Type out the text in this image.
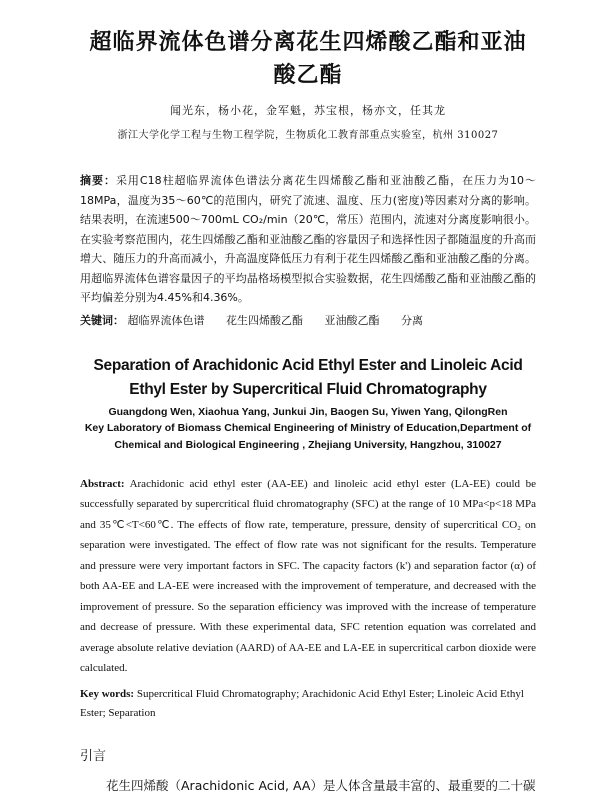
超临界流体色谱分离花生四烯酸乙酯和亚油
酸乙酯
闻光东，杨小花，金军魁，苏宝根，杨亦文，任其龙
浙江大学化学工程与生物工程学院，生物质化工教育部重点实验室，杭州 310027
摘要：采用C18柱超临界流体色谱法分离花生四烯酸乙酯和亚油酸乙酯，在压力为10～18MPa，温度为35～60℃的范围内，研究了流速、温度、压力(密度)等因素对分离的影响。结果表明，在流速500～700mL CO₂/min（20℃，常压）范围内，流速对分离度影响很小。在实验考察范围内，花生四烯酸乙酯和亚油酸乙酯的容量因子和选择性因子都随温度的升高而增大、随压力的升高而减小，升高温度降低压力有利于花生四烯酸乙酯和亚油酸乙酯的分离。用超临界流体色谱容量因子的平均晶格场模型拟合实验数据，花生四烯酸乙酯和亚油酸乙酯的平均偏差分别为4.45%和4.36%。
关键词： 超临界流体色谱 花生四烯酸乙酯 亚油酸乙酯 分离
Separation of Arachidonic Acid Ethyl Ester and Linoleic Acid
Ethyl Ester by Supercritical Fluid Chromatography
Guangdong Wen, Xiaohua Yang, Junkui Jin, Baogen Su, Yiwen Yang, QilongRen
Key Laboratory of Biomass Chemical Engineering of Ministry of Education,Department of
Chemical and Biological Engineering , Zhejiang University, Hangzhou, 310027
Abstract: Arachidonic acid ethyl ester (AA-EE) and linoleic acid ethyl ester (LA-EE) could be successfully separated by supercritical fluid chromatography (SFC) at the range of 10 MPa<p<18 MPa and 35℃<T<60℃. The effects of flow rate, temperature, pressure, density of supercritical CO₂ on separation were investigated. The effect of flow rate was not significant for the results. Temperature and pressure were very important factors in SFC. The capacity factors (k') and separation factor (α) of both AA-EE and LA-EE were increased with the improvement of temperature, and decreased with the improvement of pressure. So the separation efficiency was improved with the increase of temperature and decrease of pressure. With these experimental data, SFC retention equation was correlated and average absolute relative deviation (AARD) of AA-EE and LA-EE in supercritical carbon dioxide were calculated.
Key words: Supercritical Fluid Chromatography; Arachidonic Acid Ethyl Ester; Linoleic Acid Ethyl Ester; Separation
引言
花生四烯酸（Arachidonic Acid, AA）是人体含量最丰富的、最重要的二十碳
